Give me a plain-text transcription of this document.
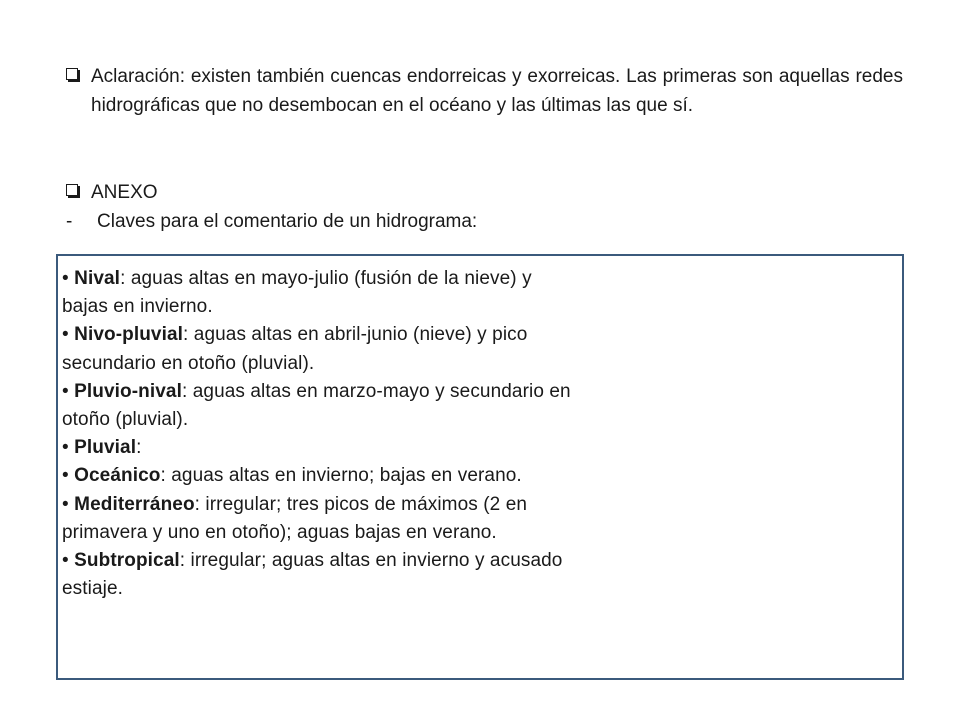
Aclaración: existen también cuencas endorreicas y exorreicas. Las primeras son aquellas redes hidrográficas que no desembocan en el océano y las últimas las que sí.
ANEXO
-	Claves para el comentario de un hidrograma:
• Nival: aguas altas en mayo-julio (fusión de la nieve) y bajas en invierno.
• Nivo-pluvial: aguas altas en abril-junio (nieve) y pico secundario en otoño (pluvial).
• Pluvio-nival: aguas altas en marzo-mayo y secundario en otoño (pluvial).
• Pluvial:
• Oceánico: aguas altas en invierno; bajas en verano.
• Mediterráneo: irregular; tres picos de máximos (2 en primavera y uno en otoño); aguas bajas en verano.
• Subtropical: irregular; aguas altas en invierno y acusado estiaje.
